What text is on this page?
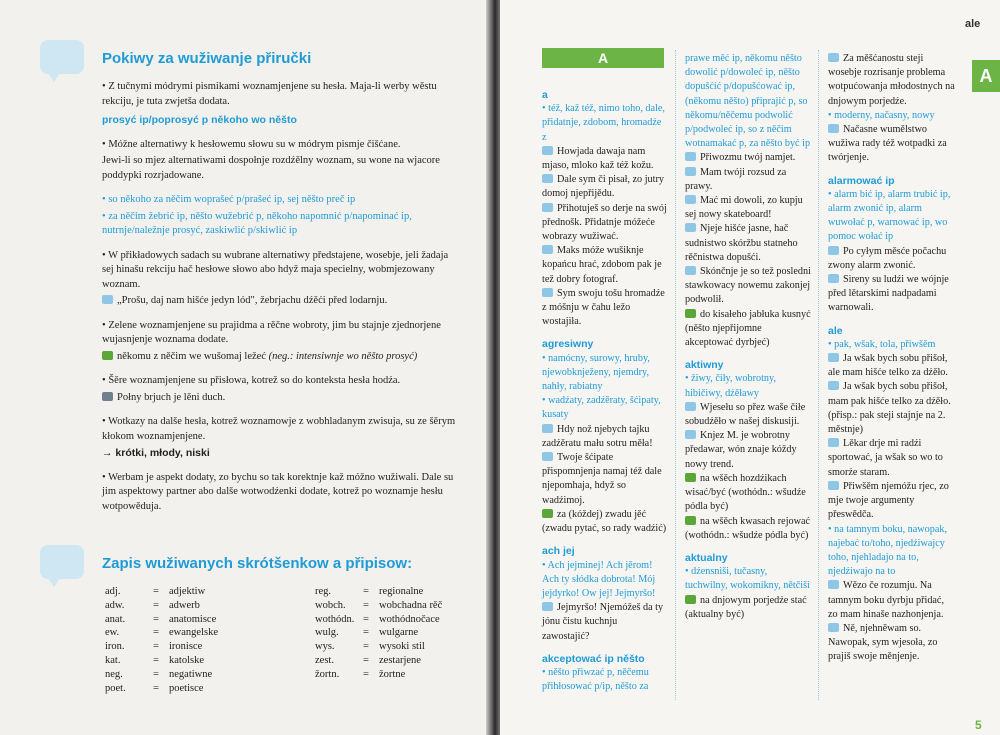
Pokiwy za wužiwanje přiručki

• Z tučnymi módrymi pismikami woznamjenjene su hesła. Maja-li werby wěstu rekciju, je tuta zwjetša dodata.

prosyć ip/poprosyć p někoho wo něšto

• Móžne alternatiwy k hesłowemu słowu su w módrym pismje čišćane.

Jewi-li so mjez alternatiwami dospołnje rozdźělny woznam, su wone na wjacore poddypki rozrjadowane.

• so někoho za něčim woprašeć p/prašeć ip, sej něšto preč ip

• za něčim žebrić ip, něšto wužebrić p, někoho napomnić p/napominać ip, nutrnje/naležnje prosyć, zaskiwlić p/skiwlić ip

• W přikładowych sadach su wubrane alternatiwy předstajene, wosebje, jeli žadaja sej hinašu rekciju hač hesłowe słowo abo hdyž maja specielny, wobmjezowany woznam.

„Prošu, daj nam hišće jedyn lód", žebrjachu dźěći před lodarnju.

• Zelene woznamjenjene su prajidma a rěčne wobroty, jim bu stajnje zjednorjene wujasnjenje woznama dodate.

někomu z něčim we wušomaj ležeć (neg.: intensiwnje wo něšto prosyć)

• Šěre woznamjenjene su přisłowa, kotrež so do konteksta hesła hodźa.

Połny brjuch je lěni duch.

• Wotkazy na dalše hesła, kotrež woznamowje z wobhladanym zwisuja, su ze šěrym kłokom woznamjenjene.

→ krótki, młody, niski

• Werbam je aspekt dodaty, zo bychu so tak korektnje kaž móžno wužiwali. Dale su jim aspektowy partner abo dalše wotwodźenki dodate, kotrež po woznamje hesłu wotpowěduja.

Zapis wužiwanych skrótšenkow a připisow:
adj.	= adjektiw
adw.	= adwerb
anat.	= anatomisce
ew.	= ewangelske
iron.	= ironisce
kat.	= katolske
neg.	= negatiwne
poet.	= poetisce
reg.	= regionalne
wobch.	= wobchadna rěč
wothódn. = wothódnočace
wulg.	= wulgarne
wys.	= wysoki stil
zest.	= zestarjene
žortn.	= žortne
ale
A
A
a
• též, kaž též, nimo toho, dale, přidatnje, zdobom, hromadźe z
Howjada dawaja nam mjaso, mloko kaž též kožu.
Dale sym či pisał, zo jutry domoj njepřijědu.
Přihotuješ so derje na swój přednošk. Přidatnje móžeće wobrazy wužiwać.
Maks móže wušiknje kopańcu hrać, zdobom pak je tež dobry fotograf.
Sym swoju tošu hromadźe z móšnju w čahu ležo wostajiła.
agresiwny
• namócny, surowy, hruby, njewobknježeny, njemdry, nahły, rabiatny
• wadźaty, zadźěraty, šćipaty, kusaty
Hdy nož njebych tajku zadźěratu mału sotru měła!
Twoje šćipate přispomnjenja namaj též dale njepomhaja, hdyž so wadźimoj.
za (kóždej) zwadu jěć (zwadu pytać, so rady wadźić)
ach jej
• Ach jejminej! Ach jěrom! Ach ty słódka dobrota! Mój jejdyrko! Ow jej! Jejmyršo!
Jejmyršo! Njemóžeš da ty jónu čistu kuchnju zawostajić?
akceptować ip něšto
• něšto přiwzać p, něčemu přihłosować p/ip, něšto za
prawe měć ip, někomu něšto dowolić p/dowoleć ip, něšto dopušćić p/dopušćować ip, (někomu něšto) připrajić p, so někomu/něčemu podwolić p/podwoleć ip, so z něčim wotnamakać p, za něšto być ip
Přiwozmu twój namjet.
Mam twóji rozsud za prawy.
Mać mi dowoli, zo kupju sej nowy skateboard!
Njeje hišće jasne, hač sudnistwo skóržbu statneho rěčnistwa dopušći.
Skónčnje je so tež posledni stawkowacy nowemu zakonjej podwolił.
do kisałeho jabłuka kusnyć (něšto njepřijomne akceptować dyrbjeć)
aktiwny
• žiwy, čiły, wobrotny, hibičiwy, dźěławy
Wjesełu so přez waše čiłe sobudźěło w našej diskusiji.
Knjez M. je wobrotny předawar, wón znaje kóždy nowy trend.
na wšěch hozdźikach wisać/być (wothódn.: wšudźe pódla być)
na wšěch kwasach rejować (wothódn.: wšudźe pódla być)
aktualny
• dźensniši, tučasny, tuchwilny, wokomikny, nětčiši
na dnjowym porjedźe stać (aktualny być)
Za měšćanostu steji wosebje rozrisanje problema wotpućowanja młodostnych na dnjowym porjedźe.
• moderny, načasny, nowy
Načasne wumělstwo wužiwa rady též wotpadki za twórjenje.
alarmować ip
• alarm bić ip, alarm trubić ip, alarm zwonić ip, alarm wuwołać p, warnować ip, wo pomoc wołać ip
Po cyłym měsće počachu zwony alarm zwonić.
Sireny su ludźi we wójnje před lětarskimi nadpadami warnowali.
ale
• pak, wšak, tola, přiwšěm
Ja wšak bych sobu přišoł, ale mam hišće telko za dźěło.
Ja wšak bych sobu přišoł, mam pak hišće telko za dźěło. (přisp.: pak steji stajnje na 2. městnje)
Lěkar drje mi radźi sportować, ja wšak so wo to smorźe staram.
Přiwšěm njemóžu rjec, zo mje twoje argumenty přeswědča.
• na tamnym boku, nawopak, najebać to/toho, njedźiwajcy toho, njehladajo na to, njedźiwajo na to
Wězo če rozumju. Na tamnym boku dyrbju přidać, zo mam hinaše nazhonjenja.
Ně, njehněwam so. Nawopak, sym wjesoła, zo prajiš swoje měnjenje.
5
